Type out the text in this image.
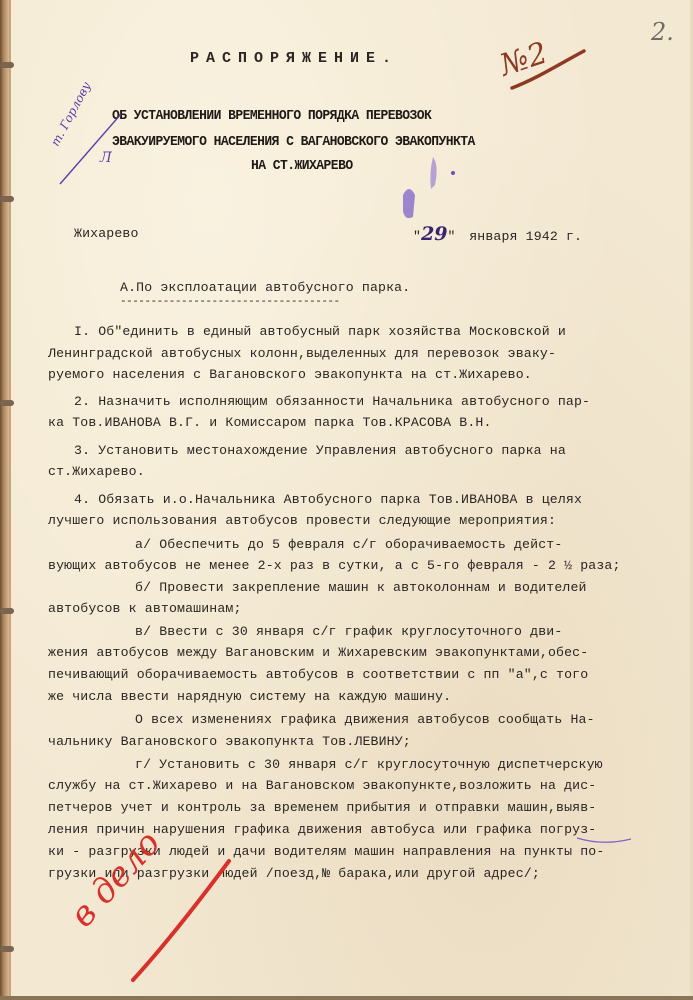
2.
№2
РАСПОРЯЖЕНИЕ.
ОБ УСТАНОВЛЕНИИ ВРЕМЕННОГО ПОРЯДКА ПЕРЕВОЗОК
ЭВАКУИРУЕМОГО НАСЕЛЕНИЯ С ВАГАНОВСКОГО ЭВАКОПУНКТА
НА СТ.ЖИХАРЕВО
т. Горлову
Л
Жихарево	"29" января 1942 г.
А.По эксплоатации автобусного парка.
------------------------------------
I. Об"единить в единый автобусный парк хозяйства Московской и
Ленинградской автобусных колонн,выделенных для перевозок эваку-
руемого населения с Вагановского эвакопункта на ст.Жихарево.
2. Назначить исполняющим обязанности Начальника автобусного пар-
ка Тов.ИВАНОВА В.Г. и Комиссаром парка Тов.КРАСОВА В.Н.
3. Установить местонахождение Управления автобусного парка на
ст.Жихарево.
4. Обязать и.о.Начальника Автобусного парка Тов.ИВАНОВА в целях
лучшего использования автобусов провести следующие мероприятия:
а/ Обеспечить до 5 февраля с/г оборачиваемость дейст-
вующих автобусов не менее 2-х раз в сутки, а с 5-го февраля - 2 ½ раза;
б/ Провести закрепление машин к автоколоннам и водителей
автобусов к автомашинам;
в/ Ввести с 30 января с/г график круглосуточного дви-
жения автобусов между Вагановским и Жихаревским эвакопунктами,обес-
печивающий оборачиваемость автобусов в соответствии с пп "а",с того
же числа ввести нарядную систему на каждую машину.
О всех изменениях графика движения автобусов сообщать На-
чальнику Вагановского эвакопункта Тов.ЛЕВИНУ;
г/ Установить с 30 января с/г круглосуточную диспетчерскую
службу на ст.Жихарево и на Вагановском эвакопункте,возложить на дис-
петчеров учет и контроль за временем прибытия и отправки машин,выяв-
ления причин нарушения графика движения автобуса или графика погруз-
ки - разгрузки людей и дачи водителям машин направления на пункты по-
грузки или разгрузки людей /поезд,№ барака,или другой адрес/;
в дело
